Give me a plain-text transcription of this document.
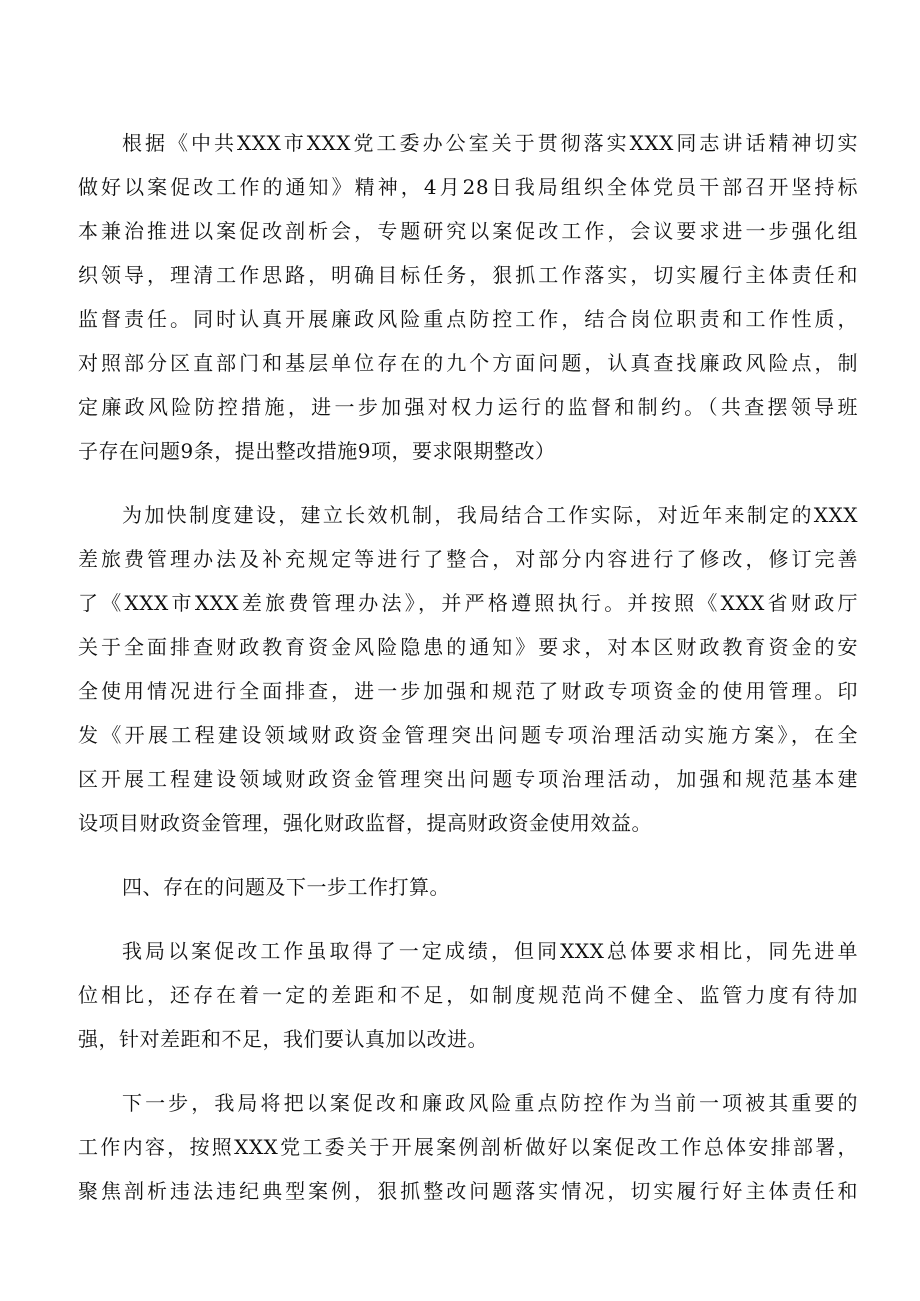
根据《中共XXX市XXX党工委办公室关于贯彻落实XXX同志讲话精神切实
做好以案促改工作的通知》精神，4月28日我局组织全体党员干部召开坚持标
本兼治推进以案促改剖析会，专题研究以案促改工作，会议要求进一步强化组
织领导，理清工作思路，明确目标任务，狠抓工作落实，切实履行主体责任和
监督责任。同时认真开展廉政风险重点防控工作，结合岗位职责和工作性质，
对照部分区直部门和基层单位存在的九个方面问题，认真查找廉政风险点，制
定廉政风险防控措施，进一步加强对权力运行的监督和制约。（共查摆领导班
子存在问题9条，提出整改措施9项，要求限期整改）
为加快制度建设，建立长效机制，我局结合工作实际，对近年来制定的XXX
差旅费管理办法及补充规定等进行了整合，对部分内容进行了修改，修订完善
了《XXX市XXX差旅费管理办法》，并严格遵照执行。并按照《XXX省财政厅
关于全面排查财政教育资金风险隐患的通知》要求，对本区财政教育资金的安
全使用情况进行全面排查，进一步加强和规范了财政专项资金的使用管理。印
发《开展工程建设领域财政资金管理突出问题专项治理活动实施方案》，在全
区开展工程建设领域财政资金管理突出问题专项治理活动，加强和规范基本建
设项目财政资金管理，强化财政监督，提高财政资金使用效益。
四、存在的问题及下一步工作打算。
我局以案促改工作虽取得了一定成绩，但同XXX总体要求相比，同先进单
位相比，还存在着一定的差距和不足，如制度规范尚不健全、监管力度有待加
强，针对差距和不足，我们要认真加以改进。
下一步，我局将把以案促改和廉政风险重点防控作为当前一项被其重要的
工作内容，按照XXX党工委关于开展案例剖析做好以案促改工作总体安排部署，
聚焦剖析违法违纪典型案例，狠抓整改问题落实情况，切实履行好主体责任和
